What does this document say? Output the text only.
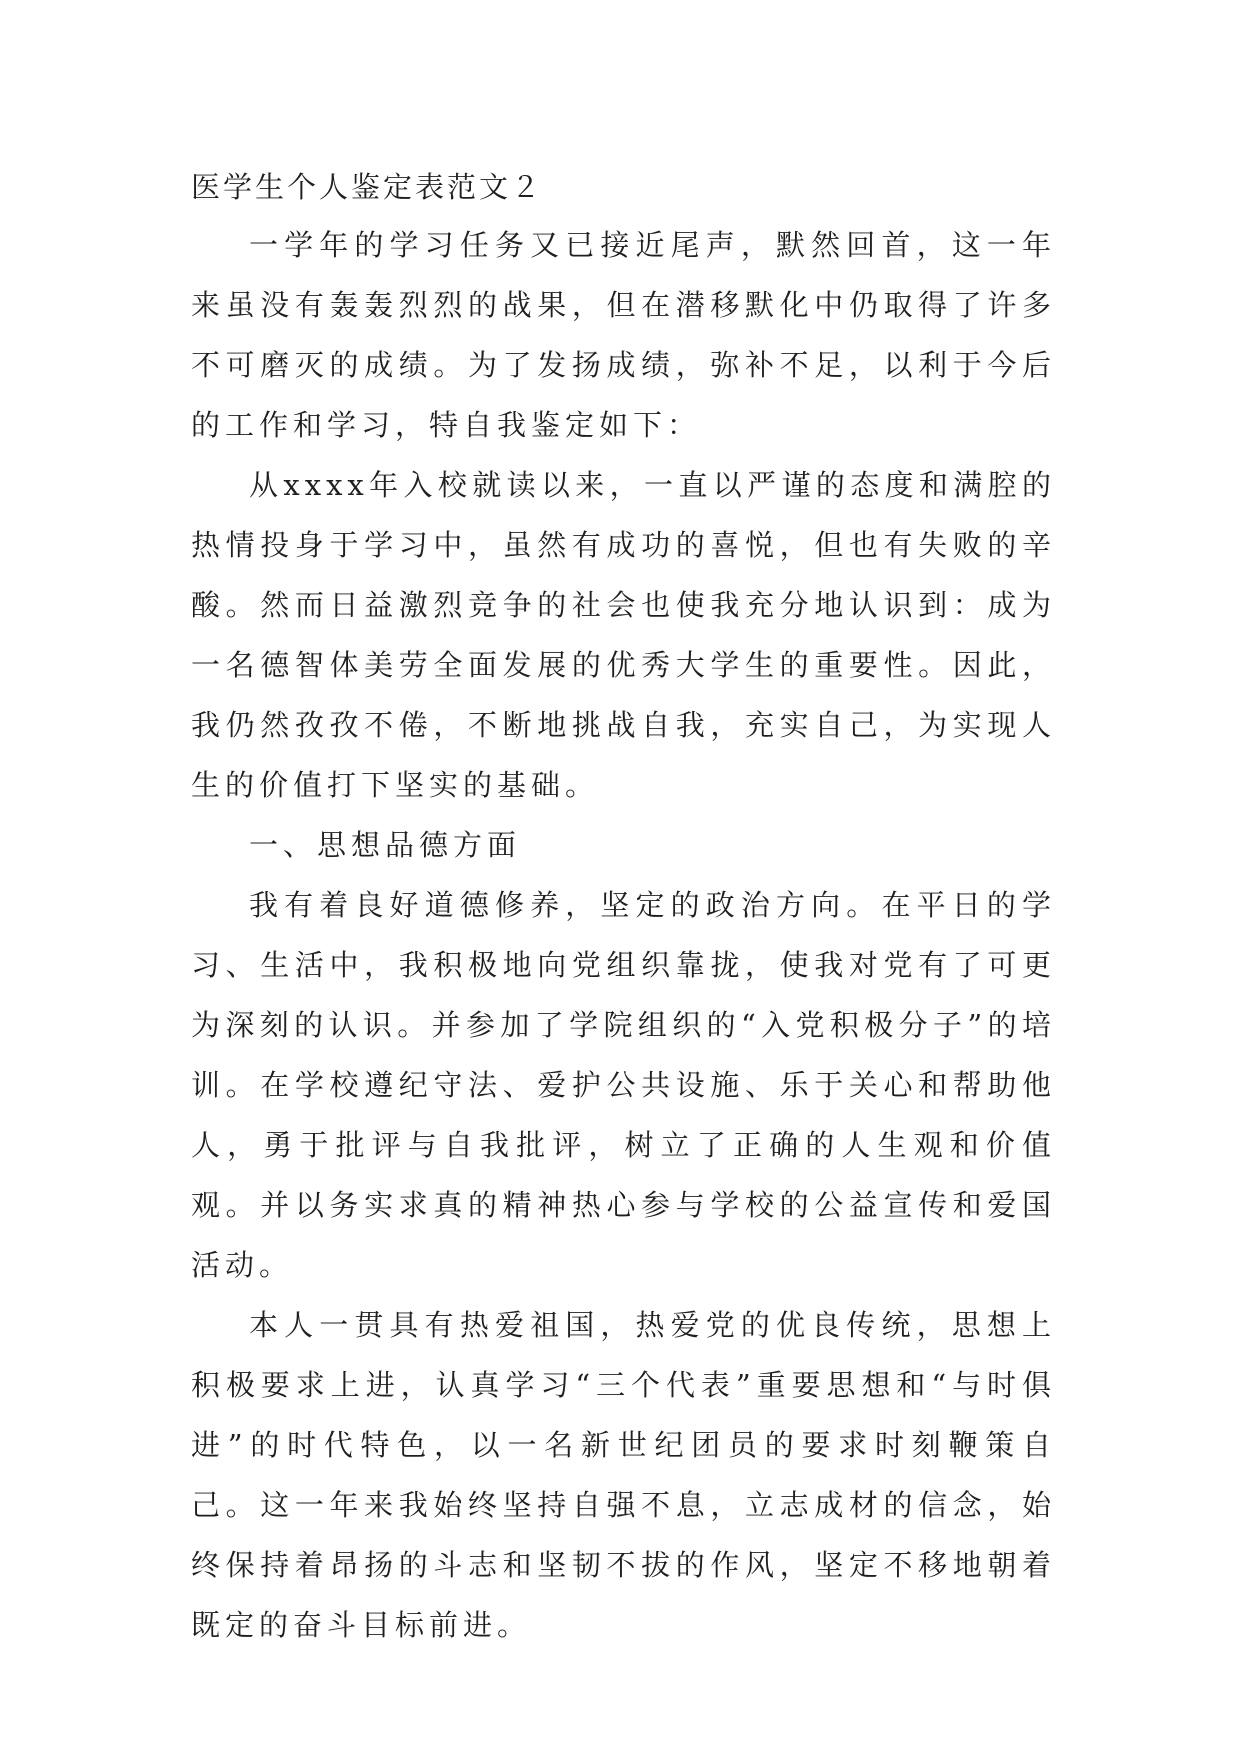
医学生个人鉴定表范文２

一学年的学习任务又已接近尾声，默然回首，这一年来虽没有轰轰烈烈的战果，但在潜移默化中仍取得了许多不可磨灭的成绩。为了发扬成绩，弥补不足，以利于今后的工作和学习，特自我鉴定如下：

从xxxx年入校就读以来，一直以严谨的态度和满腔的热情投身于学习中，虽然有成功的喜悦，但也有失败的辛酸。然而日益激烈竞争的社会也使我充分地认识到：成为一名德智体美劳全面发展的优秀大学生的重要性。因此，我仍然孜孜不倦，不断地挑战自我，充实自己，为实现人生的价值打下坚实的基础。

一、思想品德方面

我有着良好道德修养，坚定的政治方向。在平日的学习、生活中，我积极地向党组织靠拢，使我对党有了可更为深刻的认识。并参加了学院组织的“入党积极分子”的培训。在学校遵纪守法、爱护公共设施、乐于关心和帮助他人，勇于批评与自我批评，树立了正确的人生观和价值观。并以务实求真的精神热心参与学校的公益宣传和爱国活动。

本人一贯具有热爱祖国，热爱党的优良传统，思想上积极要求上进，认真学习“三个代表”重要思想和“与时俱进”的时代特色，以一名新世纪团员的要求时刻鞭策自己。这一年来我始终坚持自强不息，立志成材的信念，始终保持着昂扬的斗志和坚韧不拔的作风，坚定不移地朝着既定的奋斗目标前进。
